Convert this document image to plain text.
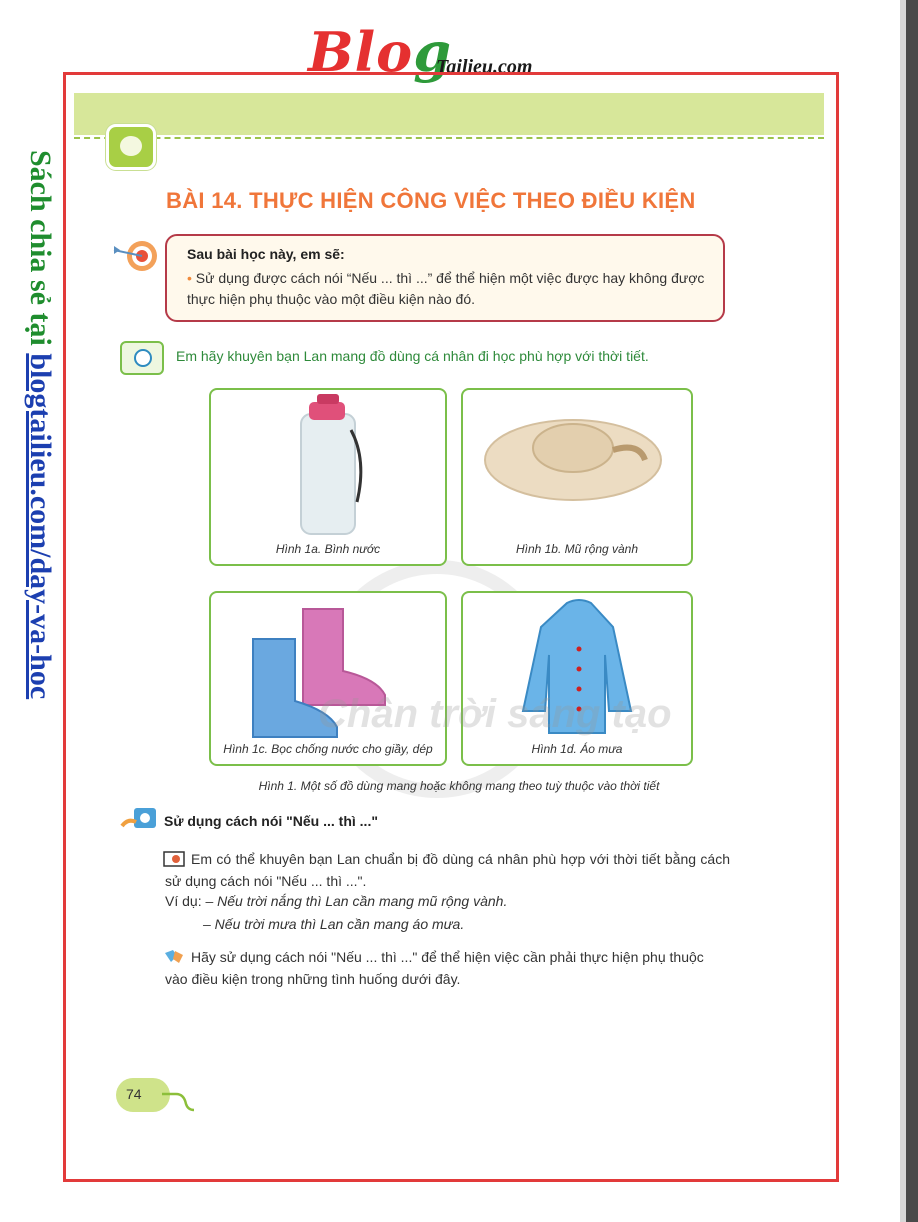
Blog
Tailieu.com
Sách chia sẻ tại blogtailieu.com/day-va-hoc
BÀI 14. THỰC HIỆN CÔNG VIỆC THEO ĐIỀU KIỆN
Sau bài học này, em sẽ:
• Sử dụng được cách nói “Nếu ... thì ...” để thể hiện một việc được hay không được thực hiện phụ thuộc vào một điều kiện nào đó.
Em hãy khuyên bạn Lan mang đồ dùng cá nhân đi học phù hợp với thời tiết.
Hình 1a. Bình nước	Hình 1b. Mũ rộng vành
Hình 1c. Bọc chống nước cho giầy, dép	Hình 1d. Áo mưa
Chân trời sáng tạo
Hình 1. Một số đồ dùng mang hoặc không mang theo tuỳ thuộc vào thời tiết
Sử dụng cách nói "Nếu ... thì ..."
Em có thể khuyên bạn Lan chuẩn bị đồ dùng cá nhân phù hợp với thời tiết bằng cách sử dụng cách nói "Nếu ... thì ...".
Ví dụ: – Nếu trời nắng thì Lan cần mang mũ rộng vành.
– Nếu trời mưa thì Lan cần mang áo mưa.
Hãy sử dụng cách nói "Nếu ... thì ..." để thể hiện việc cần phải thực hiện phụ thuộc vào điều kiện trong những tình huống dưới đây.
74
